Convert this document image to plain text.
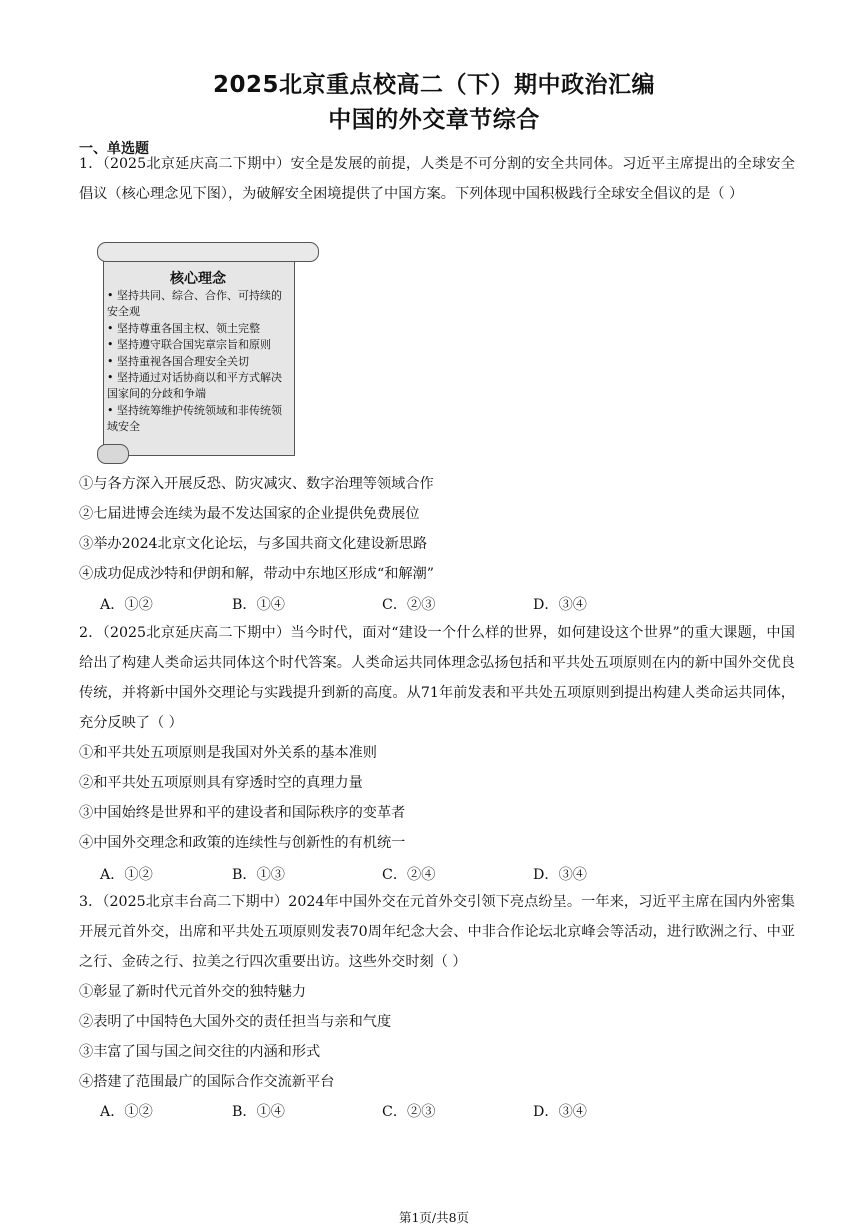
2025北京重点校高二（下）期中政治汇编
中国的外交章节综合
一、单选题

1．（2025北京延庆高二下期中）安全是发展的前提，人类是不可分割的安全共同体。习近平主席提出的全球安全倡议（核心理念见下图），为破解安全困境提供了中国方案。下列体现中国积极践行全球安全倡议的是（ ）

核心理念
• 坚持共同、综合、合作、可持续的安全观
• 坚持尊重各国主权、领土完整
• 坚持遵守联合国宪章宗旨和原则
• 坚持重视各国合理安全关切
• 坚持通过对话协商以和平方式解决国家间的分歧和争端
• 坚持统筹维护传统领域和非传统领域安全
①与各方深入开展反恐、防灾减灾、数字治理等领域合作
②七届进博会连续为最不发达国家的企业提供免费展位
③举办2024北京文化论坛，与多国共商文化建设新思路
④成功促成沙特和伊朗和解，带动中东地区形成“和解潮”
A．①②	B．①④	C．②③	D．③④

2．（2025北京延庆高二下期中）当今时代，面对“建设一个什么样的世界，如何建设这个世界”的重大课题，中国给出了构建人类命运共同体这个时代答案。人类命运共同体理念弘扬包括和平共处五项原则在内的新中国外交优良传统，并将新中国外交理论与实践提升到新的高度。从71年前发表和平共处五项原则到提出构建人类命运共同体，充分反映了（ ）

①和平共处五项原则是我国对外关系的基本准则
②和平共处五项原则具有穿透时空的真理力量
③中国始终是世界和平的建设者和国际秩序的变革者
④中国外交理念和政策的连续性与创新性的有机统一
A．①②	B．①③	C．②④	D．③④

3．（2025北京丰台高二下期中）2024年中国外交在元首外交引领下亮点纷呈。一年来，习近平主席在国内外密集开展元首外交，出席和平共处五项原则发表70周年纪念大会、中非合作论坛北京峰会等活动，进行欧洲之行、中亚之行、金砖之行、拉美之行四次重要出访。这些外交时刻（ ）

①彰显了新时代元首外交的独特魅力
②表明了中国特色大国外交的责任担当与亲和气度
③丰富了国与国之间交往的内涵和形式
④搭建了范围最广的国际合作交流新平台
A．①②	B．①④	C．②③	D．③④
第1页/共8页
